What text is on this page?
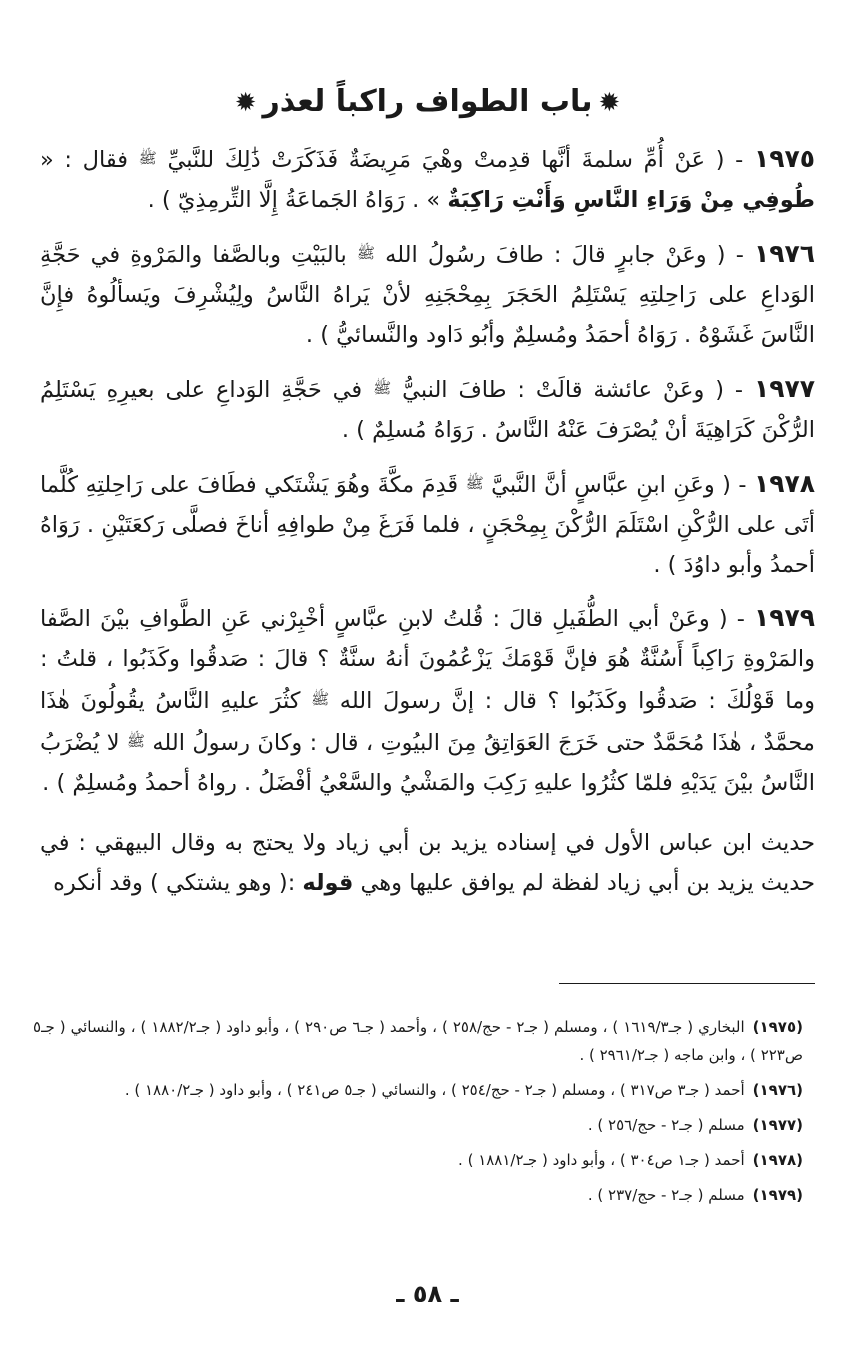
✹باب الطواف راكباً لعذر✹

١٩٧٥ - ( عَنْ أُمِّ سلمةَ أنَّها قدِمتْ وهْيَ مَرِيضَةٌ فَذَكَرَتْ ذَٰلِكَ للنَّبيِّ ﷺ فقال : « طُوفِي مِنْ وَرَاءِ النَّاسِ وَأَنْتِ رَاكِبَةٌ » . رَوَاهُ الجَماعَةُ إِلَّا التِّرمِذِيّ ) .

١٩٧٦ - ( وعَنْ جابرٍ قالَ : طافَ رسُولُ الله ﷺ بالبَيْتِ وبالصَّفا والمَرْوةِ في حَجَّةِ الوَداعِ على رَاحِلتِهِ يَسْتَلِمُ الحَجَرَ بِمِحْجَنِهِ لأنْ يَراهُ النَّاسُ ولِيُشْرِفَ ويَسألُوهُ فإِنَّ النَّاسَ غَشَوْهُ . رَوَاهُ أحمَدُ ومُسلِمٌ وأبُو دَاود والنَّسائيُّ ) .

١٩٧٧ - ( وعَنْ عائشة قالَتْ : طافَ النبيُّ ﷺ في حَجَّةِ الوَداعِ على بعيرِهِ يَسْتَلِمُ الرُّكْنَ كَرَاهِيَةَ أنْ يُصْرَفَ عَنْهُ النَّاسُ . رَوَاهُ مُسلِمٌ ) .

١٩٧٨ - ( وعَنِ ابنِ عبَّاسٍ أنَّ النَّبيَّ ﷺ قَدِمَ مكَّةَ وهُوَ يَشْتَكي فطَافَ على رَاحِلتِهِ كُلَّما أتَى على الرُّكْنِ اسْتَلَمَ الرُّكْنَ بِمِحْجَنٍ ، فلما فَرَغَ مِنْ طوافِهِ أناخَ فصلَّى رَكعَتَيْنِ . رَوَاهُ أحمدُ وأبو داوُدَ ) .

١٩٧٩ - ( وعَنْ أبي الطُّفَيلِ قالَ : قُلتُ لابنِ عبَّاسٍ أخْبِرْني عَنِ الطَّوافِ بيْنَ الصَّفا والمَرْوةِ رَاكِباً أَسُنَّةٌ هُوَ فإنَّ قَوْمَكَ يَزْعُمُونَ أنهُ سنَّةٌ ؟ قالَ : صَدقُوا وكَذَبُوا ، قلتُ : وما قَوْلُكَ : صَدقُوا وكَذَبُوا ؟ قال : إنَّ رسولَ الله ﷺ كثُرَ عليهِ النَّاسُ يقُولُونَ هٰذَا محمَّدٌ ، هٰذَا مُحَمَّدٌ حتى خَرَجَ العَوَاتِقُ مِنَ البيُوتِ ، قال : وكانَ رسولُ الله ﷺ لا يُضْرَبُ النَّاسُ بيْنَ يَدَيْهِ فلمّا كثُرُوا عليهِ رَكِبَ والمَشْيُ والسَّعْيُ أفْضَلُ . رواهُ أحمدُ ومُسلِمٌ ) .

حديث ابن عباس الأول في إسناده يزيد بن أبي زياد ولا يحتج به وقال البيهقي : في حديث يزيد بن أبي زياد لفظة لم يوافق عليها وهي قوله :( وهو يشتكي ) وقد أنكره

(١٩٧٥)البخاري ( جـ١٦١٩/٣ ) ، ومسلم ( جـ٢ - حج/٢٥٨ ) ، وأحمد ( جـ٦ ص٢٩٠ ) ، وأبو داود ( جـ١٨٨٢/٢ ) ، والنسائي ( جـ٥ ص٢٢٣ ) ، وابن ماجه ( جـ٢٩٦١/٢ ) .

(١٩٧٦)أحمد ( جـ٣ ص٣١٧ ) ، ومسلم ( جـ٢ - حج/٢٥٤ ) ، والنسائي ( جـ٥ ص٢٤١ ) ، وأبو داود ( جـ١٨٨٠/٢ ) .

(١٩٧٧)مسلم ( جـ٢ - حج/٢٥٦ ) .

(١٩٧٨)أحمد ( جـ١ ص٣٠٤ ) ، وأبو داود ( جـ١٨٨١/٢ ) .

(١٩٧٩)مسلم ( جـ٢ - حج/٢٣٧ ) .

ـ ٥٨ ـ
